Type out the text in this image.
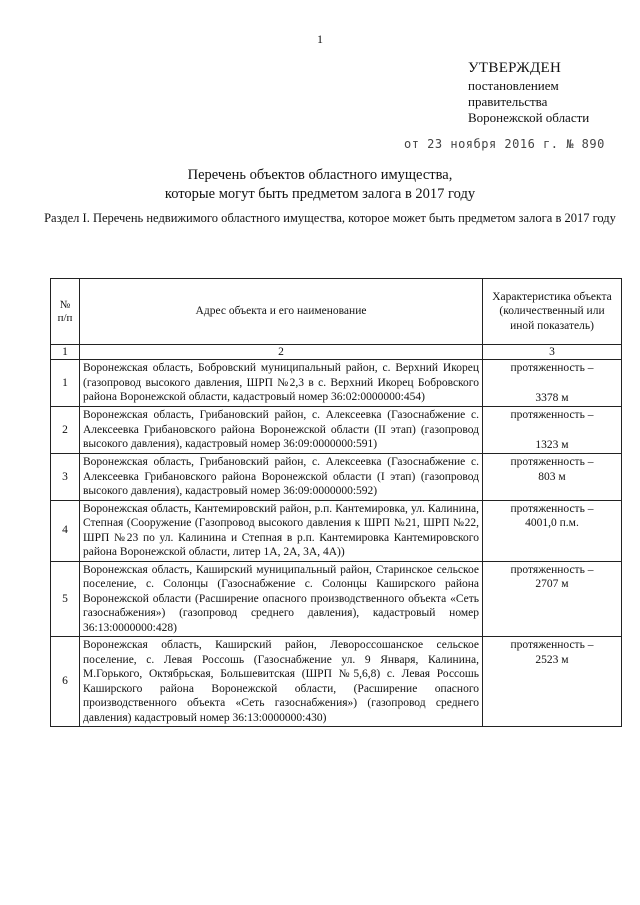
1
УТВЕРЖДЕН
постановлением
правительства
Воронежской области
от 23 ноября 2016 г. № 890
Перечень объектов областного имущества,
которые могут быть предметом залога в 2017 году
Раздел I. Перечень недвижимого областного имущества, которое может быть предметом залога в 2017 году
№ п/п	Адрес объекта и его наименование	Характеристика объекта (количественный или иной показатель)
1	2	3
1	Воронежская область, Бобровский муниципальный район, с. Верхний Икорец (газопровод высокого давления, ШРП №2,3 в с. Верхний Икорец Бобровского района Воронежской области, кадастровый номер 36:02:0000000:454)	протяженность –
3378 м

2	Воронежская область, Грибановский район, с. Алексеевка (Газоснабжение с. Алексеевка Грибановского района Воронежской области (II этап) (газопровод высокого давления), кадастровый номер 36:09:0000000:591)	протяженность –
1323 м

3	Воронежская область, Грибановский район, с. Алексеевка (Газоснабжение с. Алексеевка Грибановского района Воронежской области (I этап) (газопровод высокого давления), кадастровый номер 36:09:0000000:592)	протяженность –
803 м

4	Воронежская область, Кантемировский район, р.п. Кантемировка, ул. Калинина, Степная (Сооружение (Газопровод высокого давления к ШРП №21, ШРП №22, ШРП №23 по ул. Калинина и Степная в р.п. Кантемировка Кантемировского района Воронежской области, литер 1А, 2А, 3А, 4А))	протяженность –
4001,0 п.м.

5	Воронежская область, Каширский муниципальный район, Старинское сельское поселение, с. Солонцы (Газоснабжение с. Солонцы Каширского района Воронежской области (Расширение опасного производственного объекта «Сеть газоснабжения») (газопровод среднего давления), кадастровый номер 36:13:0000000:428)	протяженность –
2707 м

6	Воронежская область, Каширский район, Левороссошанское сельское поселение, с. Левая Россошь (Газоснабжение ул. 9 Января, Калинина, М.Горького, Октябрьская, Большевитская (ШРП №5,6,8) с. Левая Россошь Каширского района Воронежской области, (Расширение опасного производственного объекта «Сеть газоснабжения») (газопровод среднего давления) кадастровый номер 36:13:0000000:430)	протяженность –
2523 м
